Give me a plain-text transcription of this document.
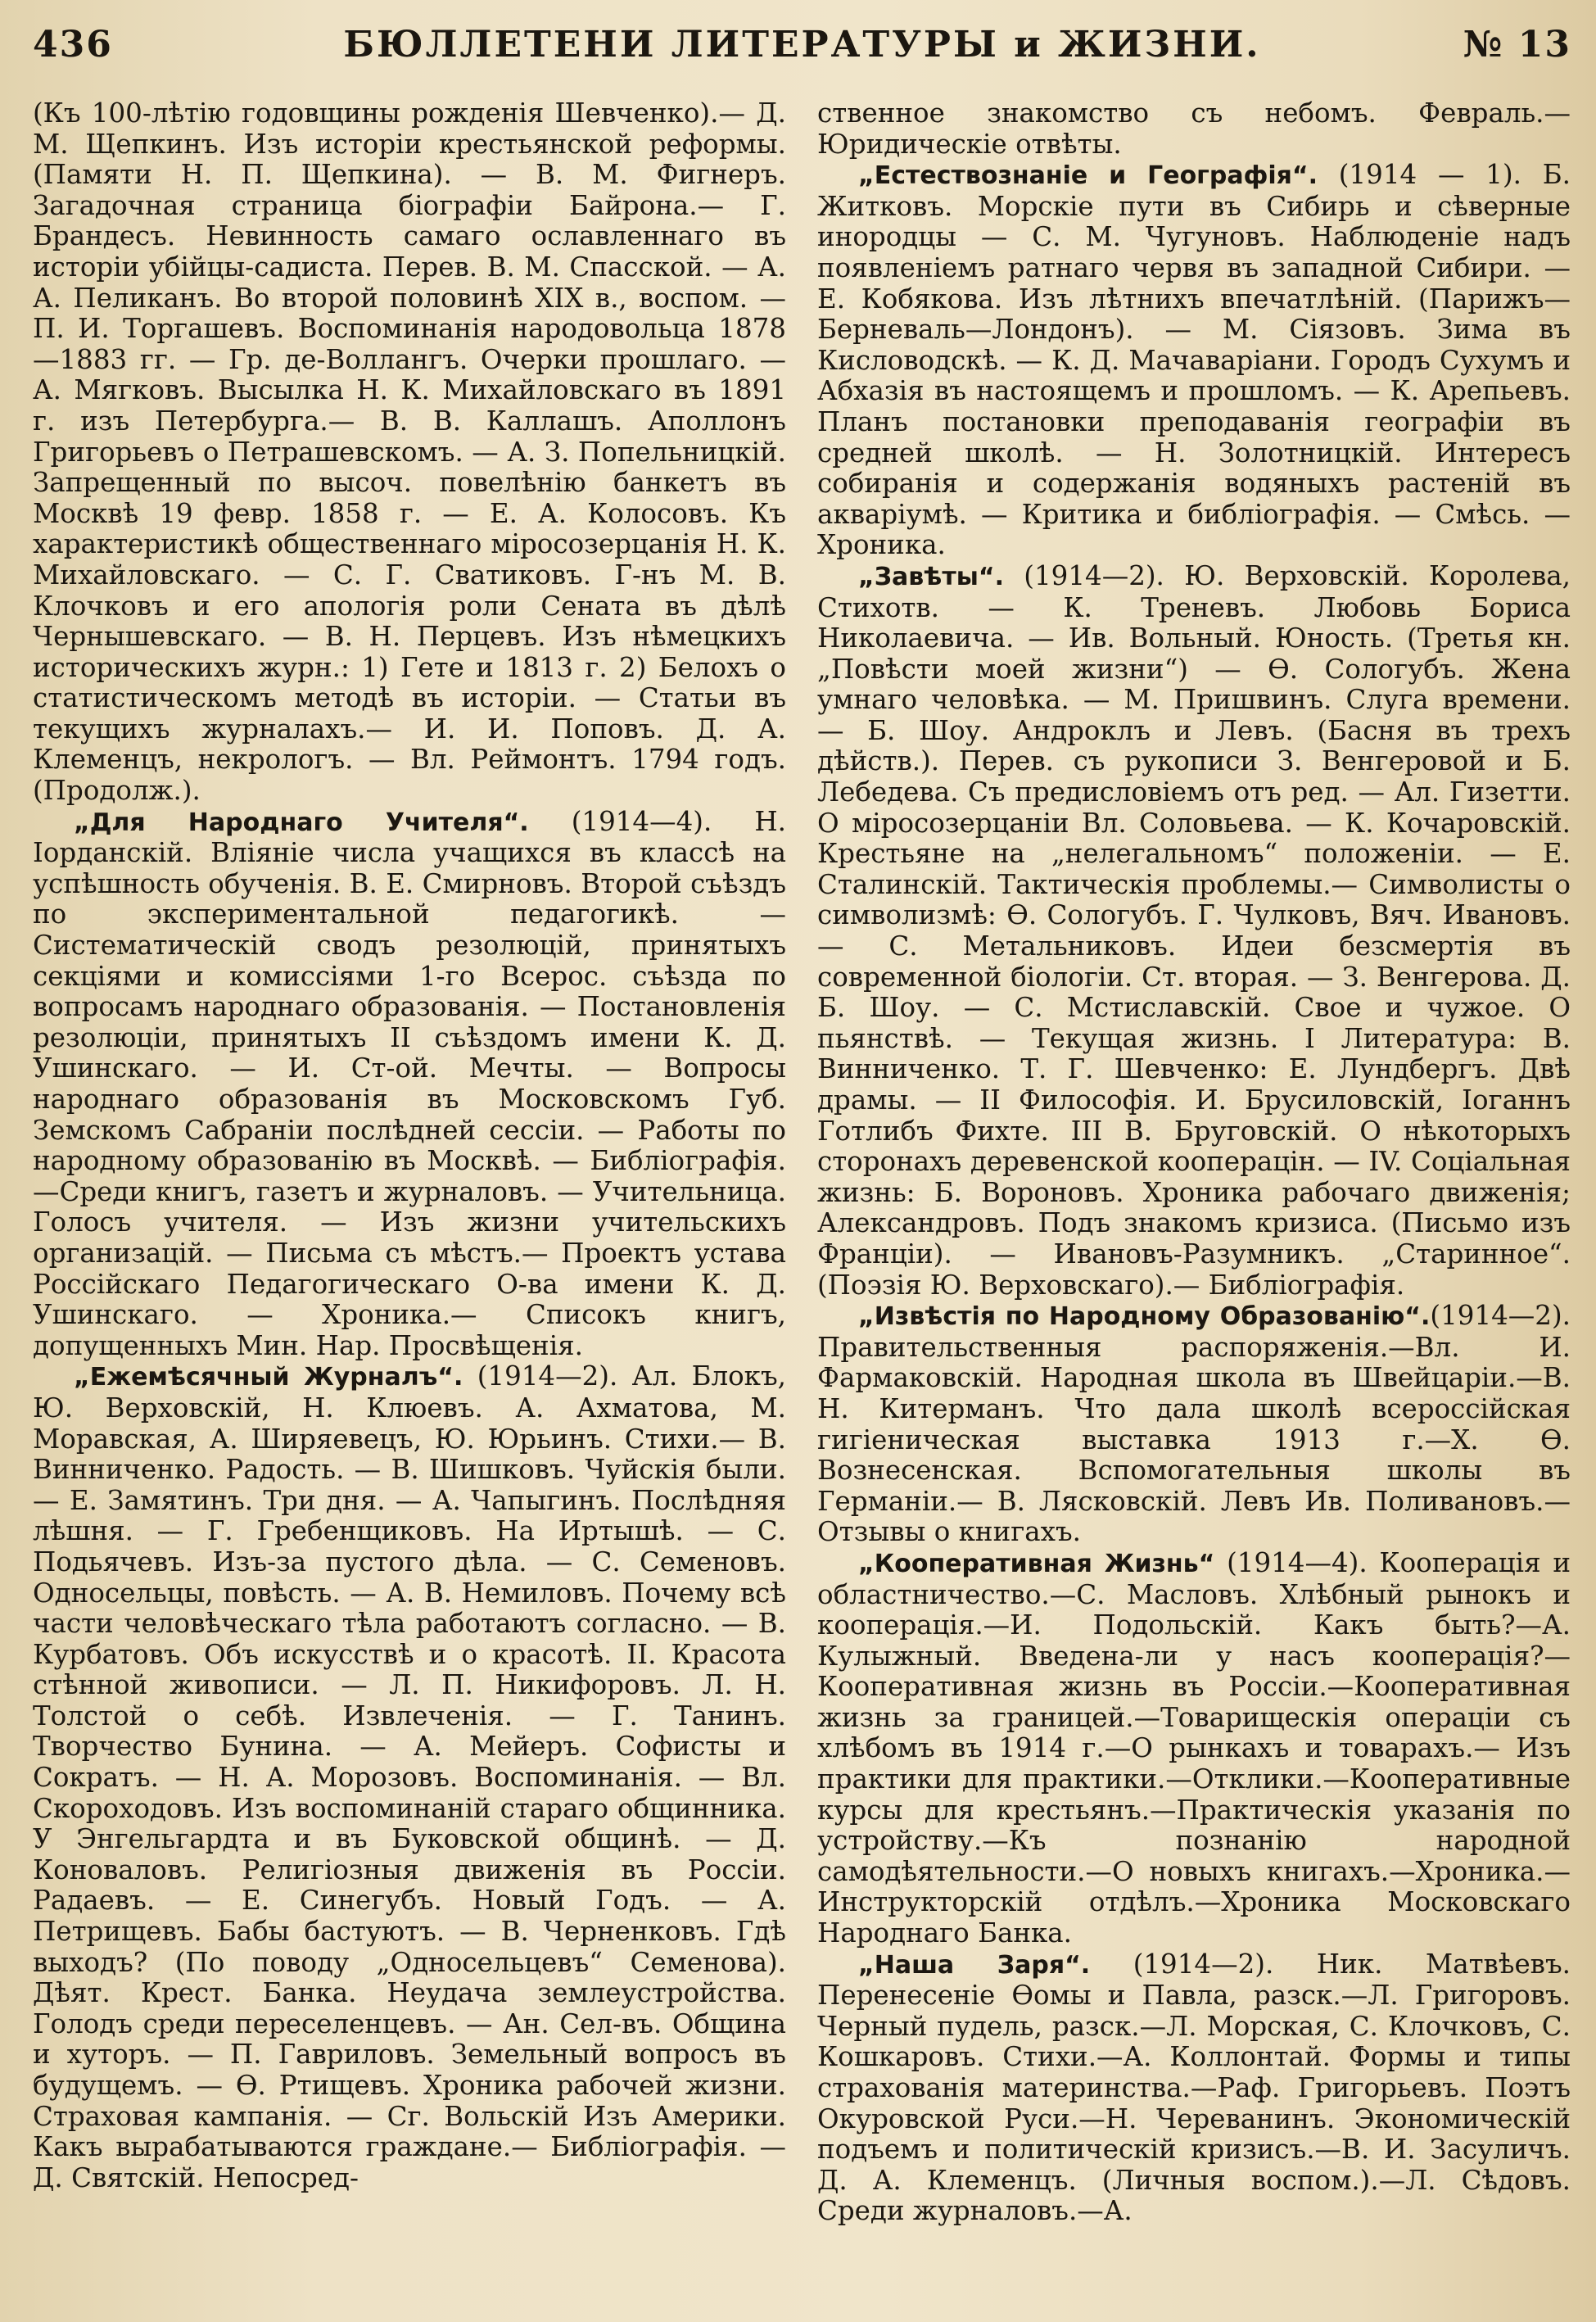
436	БЮЛЛЕТЕНИ ЛИТЕРАТУРЫ и ЖИЗНИ.	№ 13

(Къ 100-лѣтію годовщины рожденія Шевченко).— Д. М. Щепкинъ. Изъ исторіи крестьянской реформы. (Памяти Н. П. Щепкина). — В. М. Фигнеръ. Загадочная страница біографіи Байрона.— Г. Брандесъ. Невинность самаго ославленнаго въ исторіи убійцы-садиста. Перев. В. М. Спасской. — А. А. Пеликанъ. Во второй половинѣ XIX в., воспом. — П. И. Торгашевъ. Воспоминанія народовольца 1878—1883 гг. — Гр. де-Воллангъ. Очерки прошлаго. — А. Мягковъ. Высылка Н. К. Михайловскаго въ 1891 г. изъ Петербурга.— В. В. Каллашъ. Аполлонъ Григорьевъ о Петрашевскомъ. — А. З. Попельницкій. Запрещенный по высоч. повелѣнію банкетъ въ Москвѣ 19 февр. 1858 г. — Е. А. Колосовъ. Къ характеристикѣ общественнаго міросозерцанія Н. К. Михайловскаго. — С. Г. Сватиковъ. Г-нъ М. В. Клочковъ и его апологія роли Сената въ дѣлѣ Чернышевскаго. — В. Н. Перцевъ. Изъ нѣмецкихъ историческихъ журн.: 1) Гете и 1813 г. 2) Белохъ о статистическомъ методѣ въ исторіи. — Статьи въ текущихъ журналахъ.— И. И. Поповъ. Д. А. Клеменцъ, некрологъ. — Вл. Реймонтъ. 1794 годъ. (Продолж.).

„Для Народнаго Учителя“. (1914—4). Н. Іорданскій. Вліяніе числа учащихся въ классѣ на успѣшность обученія. В. Е. Смирновъ. Второй съѣздъ по экспериментальной педагогикѣ. — Систематическій сводъ резолюцій, принятыхъ секціями и комиссіями 1-го Всерос. съѣзда по вопросамъ народнаго образованія. — Постановленія резолюціи, принятыхъ II съѣздомъ имени К. Д. Ушинскаго. — И. Ст-ой. Мечты. — Вопросы народнаго образованія въ Московскомъ Губ. Земскомъ Сабраніи послѣдней сессіи. — Работы по народному образованію въ Москвѣ. — Библіографія.—Среди книгъ, газетъ и журналовъ. — Учительница. Голосъ учителя. — Изъ жизни учительскихъ организацій. — Письма съ мѣстъ.— Проектъ устава Россійскаго Педагогическаго О-ва имени К. Д. Ушинскаго. — Хроника.— Списокъ книгъ, допущенныхъ Мин. Нар. Просвѣщенія.

„Ежемѣсячный Журналъ“. (1914—2). Ал. Блокъ, Ю. Верховскій, Н. Клюевъ. А. Ахматова, М. Моравская, А. Ширяевецъ, Ю. Юрьинъ. Стихи.— В. Винниченко. Радость. — В. Шишковъ. Чуйскія были. — Е. Замятинъ. Три дня. — А. Чапыгинъ. Послѣдняя лѣшня. — Г. Гребенщиковъ. На Иртышѣ. — С. Подьячевъ. Изъ-за пустого дѣла. — С. Семеновъ. Односельцы, повѣсть. — А. В. Немиловъ. Почему всѣ части человѣческаго тѣла работаютъ согласно. — В. Курбатовъ. Объ искусствѣ и о красотѣ. II. Красота стѣнной живописи. — Л. П. Никифоровъ. Л. Н. Толстой о себѣ. Извлеченія. — Г. Танинъ. Творчество Бунина. — А. Мейеръ. Софисты и Сократъ. — Н. А. Морозовъ. Воспоминанія. — Вл. Скороходовъ. Изъ воспоминаній стараго общинника. У Энгельгардта и въ Буковской общинѣ. — Д. Коноваловъ. Религіозныя движенія въ Россіи. Радаевъ. — Е. Синегубъ. Новый Годъ. — А. Петрищевъ. Бабы бастуютъ. — В. Черненковъ. Гдѣ выходъ? (По поводу „Односельцевъ“ Семенова). Дѣят. Крест. Банка. Неудача землеустройства. Голодъ среди переселенцевъ. — Ан. Сел-въ. Община и хуторъ. — П. Гавриловъ. Земельный вопросъ въ будущемъ. — Ѳ. Ртищевъ. Хроника рабочей жизни. Страховая кампанія. — Сг. Вольскій Изъ Америки. Какъ вырабатываются граждане.— Библіографія. — Д. Святскій. Непосред-

ственное знакомство съ небомъ. Февраль.— Юридическіе отвѣты.

„Естествознаніе и Географія“. (1914 — 1). Б. Житковъ. Морскіе пути въ Сибирь и сѣверные инородцы — С. М. Чугуновъ. Наблюденіе надъ появленіемъ ратнаго червя въ западной Сибири. — Е. Кобякова. Изъ лѣтнихъ впечатлѣній. (Парижъ—Берневаль—Лондонъ). — М. Сіязовъ. Зима въ Кисловодскѣ. — К. Д. Мачаваріани. Городъ Сухумъ и Абхазія въ настоящемъ и прошломъ. — К. Арепьевъ. Планъ постановки преподаванія географіи въ средней школѣ. — Н. Золотницкій. Интересъ собиранія и содержанія водяныхъ растеній въ акваріумѣ. — Критика и библіографія. — Смѣсь. — Хроника.

„Завѣты“. (1914—2). Ю. Верховскій. Королева, Стихотв. — К. Треневъ. Любовь Бориса Николаевича. — Ив. Вольный. Юность. (Третья кн. „Повѣсти моей жизни“) — Ѳ. Сологубъ. Жена умнаго человѣка. — М. Пришвинъ. Слуга времени. — Б. Шоу. Андроклъ и Левъ. (Басня въ трехъ дѣйств.). Перев. съ рукописи З. Венгеровой и Б. Лебедева. Съ предисловіемъ отъ ред. — Ал. Гизетти. О міросозерцаніи Вл. Соловьева. — К. Кочаровскій. Крестьяне на „нелегальномъ“ положеніи. — Е. Сталинскій. Тактическія проблемы.— Символисты о символизмѣ: Ѳ. Сологубъ. Г. Чулковъ, Вяч. Ивановъ. — С. Метальниковъ. Идеи безсмертія въ современной біологіи. Ст. вторая. — З. Венгерова. Д. Б. Шоу. — С. Мстиславскій. Свое и чужое. О пьянствѣ. — Текущая жизнь. I Литература: В. Винниченко. Т. Г. Шевченко: Е. Лундбергъ. Двѣ драмы. — II Философія. И. Брусиловскій, Іоганнъ Готлибъ Фихте. III В. Бруговскій. О нѣкоторыхъ сторонахъ деревенской кооперацін. — IV. Соціальная жизнь: Б. Вороновъ. Хроника рабочаго движенія; Александровъ. Подъ знакомъ кризиса. (Письмо изъ Франціи). — Ивановъ-Разумникъ. „Старинное“. (Поэзія Ю. Верховскаго).— Библіографія.

„Извѣстія по Народному Образованію“.(1914—2). Правительственныя распоряженія.—Вл. И. Фармаковскій. Народная школа въ Швейцаріи.—В. Н. Китерманъ. Что дала школѣ всероссійская гигіеническая выставка 1913 г.—Х. Ѳ. Вознесенская. Вспомогательныя школы въ Германіи.— В. Лясковскій. Левъ Ив. Поливановъ.—Отзывы о книгахъ.

„Кооперативная Жизнь“ (1914—4). Кооперація и областничество.—С. Масловъ. Хлѣбный рынокъ и кооперація.—И. Подольскій. Какъ быть?—А. Кулыжный. Введена-ли у насъ кооперація?— Кооперативная жизнь въ Россіи.—Кооперативная жизнь за границей.—Товарищескія операціи съ хлѣбомъ въ 1914 г.—О рынкахъ и товарахъ.— Изъ практики для практики.—Отклики.—Кооперативные курсы для крестьянъ.—Практическія указанія по устройству.—Къ познанію народной самодѣятельности.—О новыхъ книгахъ.—Хроника.—Инструкторскій отдѣлъ.—Хроника Московскаго Народнаго Банка.

„Наша Заря“. (1914—2). Ник. Матвѣевъ. Перенесеніе Ѳомы и Павла, разск.—Л. Григоровъ. Черный пудель, разск.—Л. Морская, С. Клочковъ, С. Кошкаровъ. Стихи.—А. Коллонтай. Формы и типы страхованія материнства.—Раф. Григорьевъ. Поэтъ Окуровской Руси.—Н. Череванинъ. Экономическій подъемъ и политическій кризисъ.—В. И. Засуличъ. Д. А. Клеменцъ. (Личныя воспом.).—Л. Сѣдовъ. Среди журналовъ.—А.
